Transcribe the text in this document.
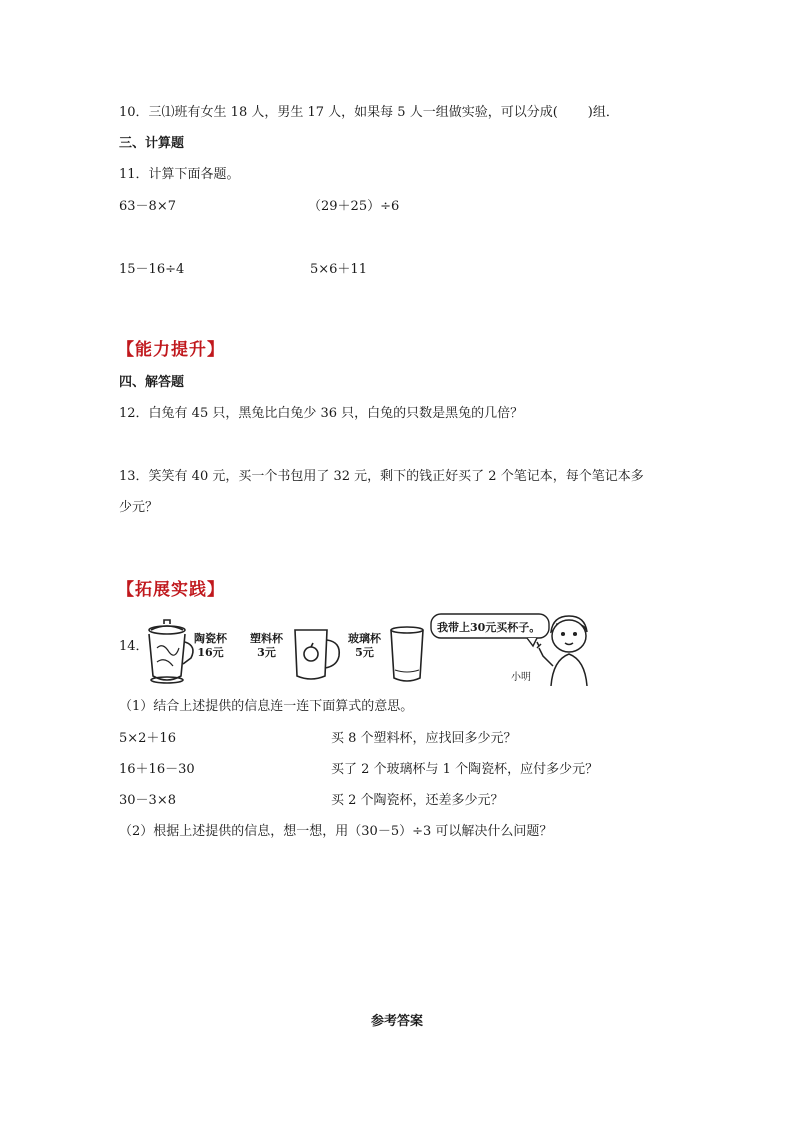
10．三⑴班有女生 18 人，男生 17 人，如果每 5 人一组做实验，可以分成( )组．
三、计算题
11．计算下面各题。
63－8×7	（29＋25）÷6
15－16÷4	5×6＋11
【能力提升】
四、解答题
12．白兔有 45 只，黑兔比白兔少 36 只，白兔的只数是黑兔的几倍？
13．笑笑有 40 元，买一个书包用了 32 元，剩下的钱正好买了 2 个笔记本，每个笔记本多
少元？
【拓展实践】
14．
陶瓷杯
16元
塑料杯
3元
玻璃杯
5元
我带上30元买杯子。
小明
（1）结合上述提供的信息连一连下面算式的意思。
5×2＋16	买 8 个塑料杯，应找回多少元？
16＋16－30	买了 2 个玻璃杯与 1 个陶瓷杯，应付多少元？
30－3×8	买 2 个陶瓷杯，还差多少元？
（2）根据上述提供的信息，想一想，用（30－5）÷3 可以解决什么问题？
参考答案
